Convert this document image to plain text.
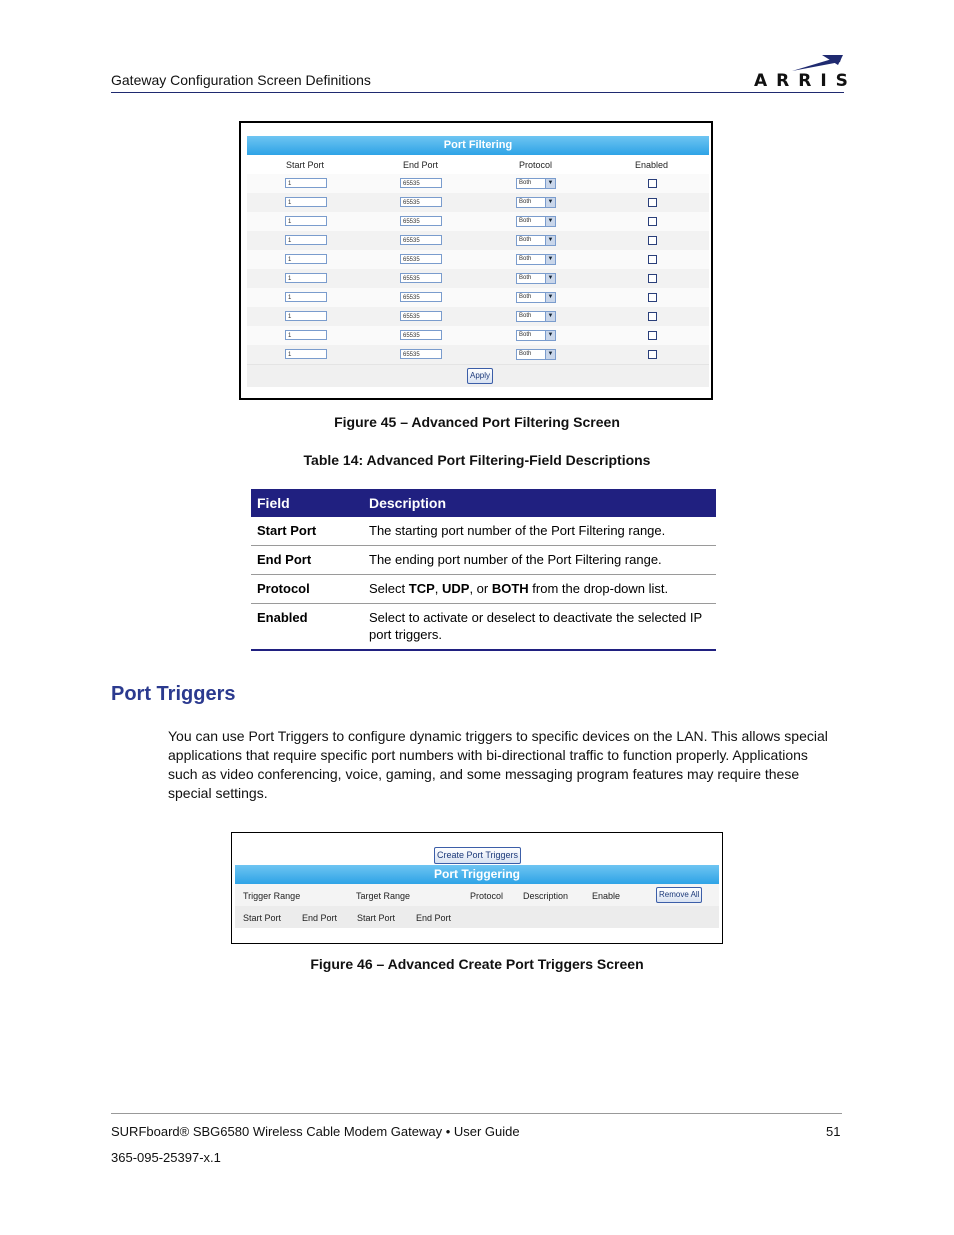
Gateway Configuration Screen Definitions	ARRIS
Port Filtering
Start Port	End Port	Protocol	Enabled
1	65535	Both	▼
1	65535	Both	▼
1	65535	Both	▼
1	65535	Both	▼
1	65535	Both	▼
1	65535	Both	▼
1	65535	Both	▼
1	65535	Both	▼
1	65535	Both	▼
1	65535	Both	▼
Apply
Figure 45 – Advanced Port Filtering Screen
Table 14: Advanced Port Filtering-Field Descriptions
Field	Description
Start Port	The starting port number of the Port Filtering range.
End Port	The ending port number of the Port Filtering range.
Protocol	Select TCP, UDP, or BOTH from the drop-down list.
Enabled	Select to activate or deselect to deactivate the selected IP port triggers.
Port Triggers
You can use Port Triggers to configure dynamic triggers to specific devices on the LAN. This allows special applications that require specific port numbers with bi-directional traffic to function properly. Applications such as video conferencing, voice, gaming, and some messaging program features may require these special settings.
Create Port Triggers
Port Triggering
Trigger Range	Target Range	Protocol Description	Enable	Remove All
Start Port End Port Start Port End Port
Figure 46 – Advanced Create Port Triggers Screen
SURFboard® SBG6580 Wireless Cable Modem Gateway • User Guide	51
365-095-25397-x.1
